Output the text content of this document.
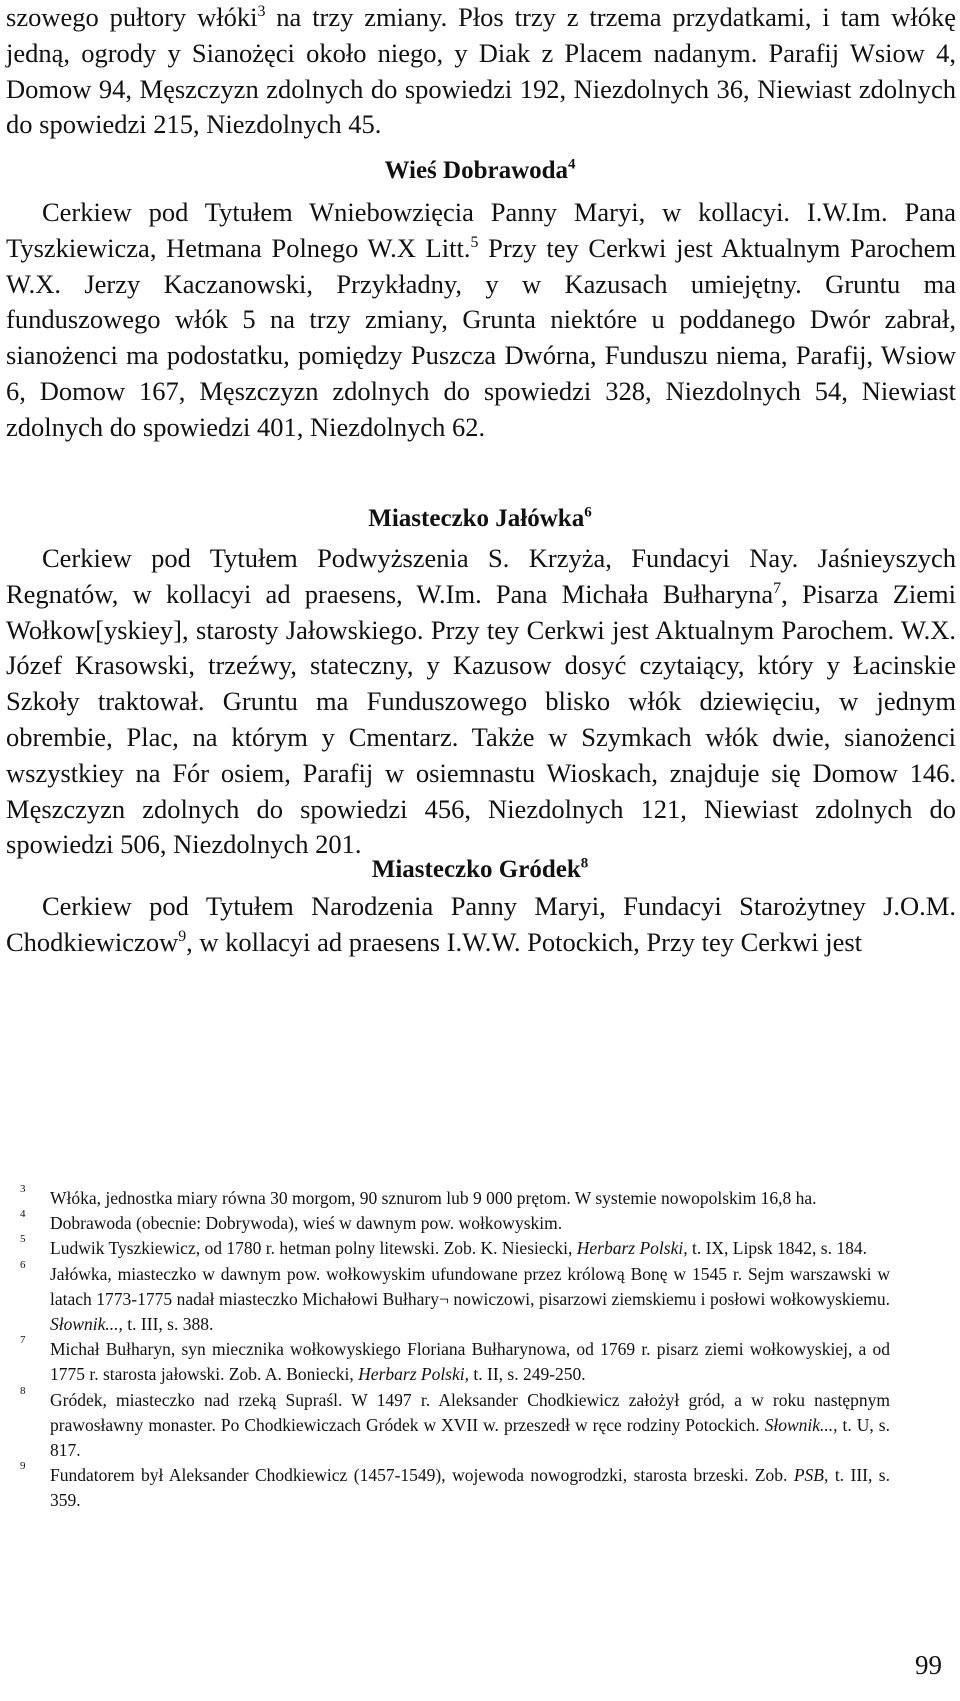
szowego pułtory włóki$^3$ na trzy zmiany. Płos trzy z trzema przydatkami, i tam włókę jedną, ogrody y Sianożęci około niego, y Diak z Placem nadanym. Parafij Wsiow 4, Domow 94, Męszczyzn zdolnych do spowiedzi 192, Niezdolnych 36, Niewiast zdolnych do spowiedzi 215, Niezdolnych 45.

Wieś Dobrawoda$^4$

Cerkiew pod Tytułem Wniebowzięcia Panny Maryi, w kollacyi. I.W.Im. Pana Tyszkiewicza, Hetmana Polnego W.X Litt.$^5$ Przy tey Cerkwi jest Aktualnym Parochem W.X. Jerzy Kaczanowski, Przykładny, y w Kazusach umiejętny. Gruntu ma funduszowego włók 5 na trzy zmiany, Grunta niektóre u poddanego Dwór zabrał, sianożenci ma podostatku, pomiędzy Puszcza Dwórna, Funduszu niema, Parafij, Wsiow 6, Domow 167, Męszczyzn zdolnych do spowiedzi 328, Niezdolnych 54, Niewiast zdolnych do spowiedzi 401, Niezdolnych 62.

Miasteczko Jałówka$^6$

Cerkiew pod Tytułem Podwyższenia S. Krzyża, Fundacyi Nay. Jaśnieyszych Regnatów, w kollacyi ad praesens, W.Im. Pana Michała Bułharyna$^7$, Pisarza Ziemi Wołkow[yskiey], starosty Jałowskiego. Przy tey Cerkwi jest Aktualnym Parochem. W.X. Józef Krasowski, trzeźwy, stateczny, y Kazusow dosyć czytaiący, który y Łacinskie Szkoły traktował. Gruntu ma Funduszowego blisko włók dziewięciu, w jednym obrembie, Plac, na którym y Cmentarz. Także w Szymkach włók dwie, sianożenci wszystkiey na Fór osiem, Parafij w osiemnastu Wioskach, znajduje się Domow 146. Męszczyzn zdolnych do spowiedzi 456, Niezdolnych 121, Niewiast zdolnych do spowiedzi 506, Niezdolnych 201.

Miasteczko Gródek$^8$

Cerkiew pod Tytułem Narodzenia Panny Maryi, Fundacyi Starożytney J.O.M. Chodkiewiczow$^9$, w kollacyi ad praesens I.W.W. Potockich, Przy tey Cerkwi jest

3 Włóka, jednostka miary równa 30 morgom, 90 sznurom lub 9 000 prętom. W systemie nowopolskim 16,8 ha.

4 Dobrawoda (obecnie: Dobrywoda), wieś w dawnym pow. wołkowyskim.

5 Ludwik Tyszkiewicz, od 1780 r. hetman polny litewski. Zob. K. Niesiecki, Herbarz Polski, t. IX, Lipsk 1842, s. 184.

6 Jałówka, miasteczko w dawnym pow. wołkowyskim ufundowane przez królową Bonę w 1545 r. Sejm warszawski w latach 1773-1775 nadał miasteczko Michałowi Bułhary¬ nowiczowi, pisarzowi ziemskiemu i posłowi wołkowyskiemu. Słownik..., t. III, s. 388.

7 Michał Bułharyn, syn miecznika wołkowyskiego Floriana Bułharynowa, od 1769 r. pisarz ziemi wołkowyskiej, a od 1775 r. starosta jałowski. Zob. A. Boniecki, Herbarz Polski, t. II, s. 249-250.

8 Gródek, miasteczko nad rzeką Supraśl. W 1497 r. Aleksander Chodkiewicz założył gród, a w roku następnym prawosławny monaster. Po Chodkiewiczach Gródek w XVII w. przeszedł w ręce rodziny Potockich. Słownik..., t. U, s. 817.

9 Fundatorem był Aleksander Chodkiewicz (1457-1549), wojewoda nowogrodzki, starosta brzeski. Zob. PSB, t. III, s. 359.

99
